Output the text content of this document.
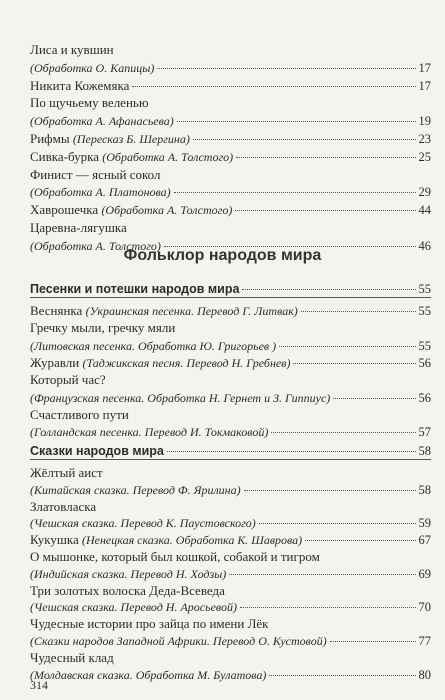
Лиса и кувшин
(Обработка О. Капицы)	17
Никита Кожемяка	17
По щучьему веленью
(Обработка А. Афанасьева)	19
Рифмы
(Пересказ Б. Шергина)	23
Сивка-бурка
(Обработка А. Толстого)	25
Финист — ясный сокол
(Обработка А. Платонова)	29
Хаврошечка
(Обработка А. Толстого)	44
Царевна-лягушка
(Обработка А. Толстого)	46
Фольклор народов мира
Песенки и потешки народов мира	55
Веснянка
(Украинская песенка. Перевод Г. Литвак)	55
Гречку мыли, гречку мяли
(Литовская песенка. Обработка Ю. Григорьев )	55
Журавли
(Таджикская песня. Перевод Н. Гребнев)	56
Который час?
(Французская песенка. Обработка Н. Гернет и З. Гиппиус)	56
Счастливого пути
(Голландская песенка. Перевод И. Токмаковой)	57
Сказки народов мира	58
Жёлтый аист
(Китайская сказка. Перевод Ф. Ярилина)	58
Златовласка
(Чешская сказка. Перевод К. Паустовского)	59
Кукушка
(Ненецкая сказка. Обработка К. Шаврова)	67
О мышонке, который был кошкой, собакой и тигром
(Индийская сказка. Перевод Н. Ходзы)	69
Три золотых волоска Деда-Всеведа
(Чешская сказка. Перевод Н. Аросьевой)	70
Чудесные истории про зайца по имени Лёк
(Сказки народов Западной Африки. Перевод О. Кустовой)	77
Чудесный клад
(Молдавская сказка. Обработка М. Булатова)	80
314
